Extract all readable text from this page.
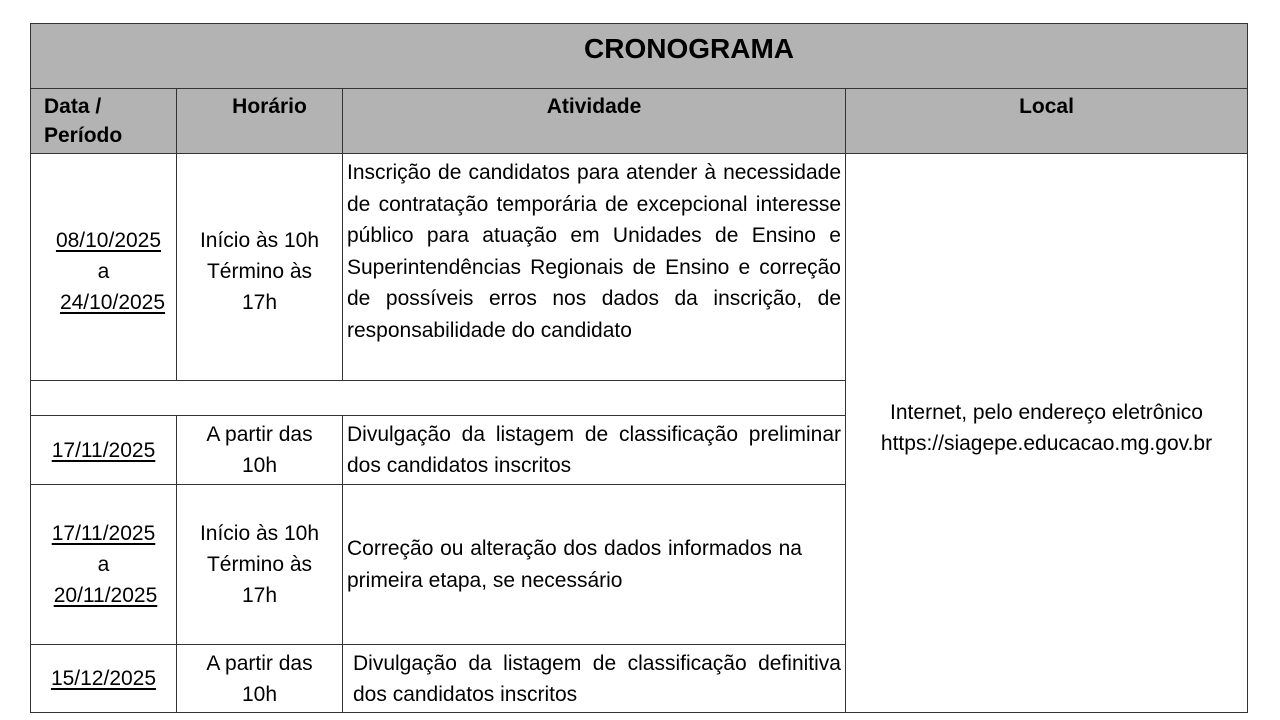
CRONOGRAMA
Data /
Período
Horário	Atividade	Local
Internet, pelo endereço eletrônico
https://siagepe.educacao.mg.gov.br
08/10/2025
a
24/10/2025
Início às 10h
Término às
17h
Inscrição de candidatos para atender à necessidade de contratação temporária de excepcional interesse público para atuação em Unidades de Ensino e Superintendências Regionais de Ensino e correção de possíveis erros nos dados da inscrição, de responsabilidade do candidato
17/11/2025
A partir das
10h
Divulgação da listagem de classificação preliminar dos candidatos inscritos
17/11/2025
a
20/11/2025
Início às 10h
Término às
17h
Correção ou alteração dos dados informados na primeira etapa, se necessário
15/12/2025
A partir das
10h
Divulgação da listagem de classificação definitiva dos candidatos inscritos
